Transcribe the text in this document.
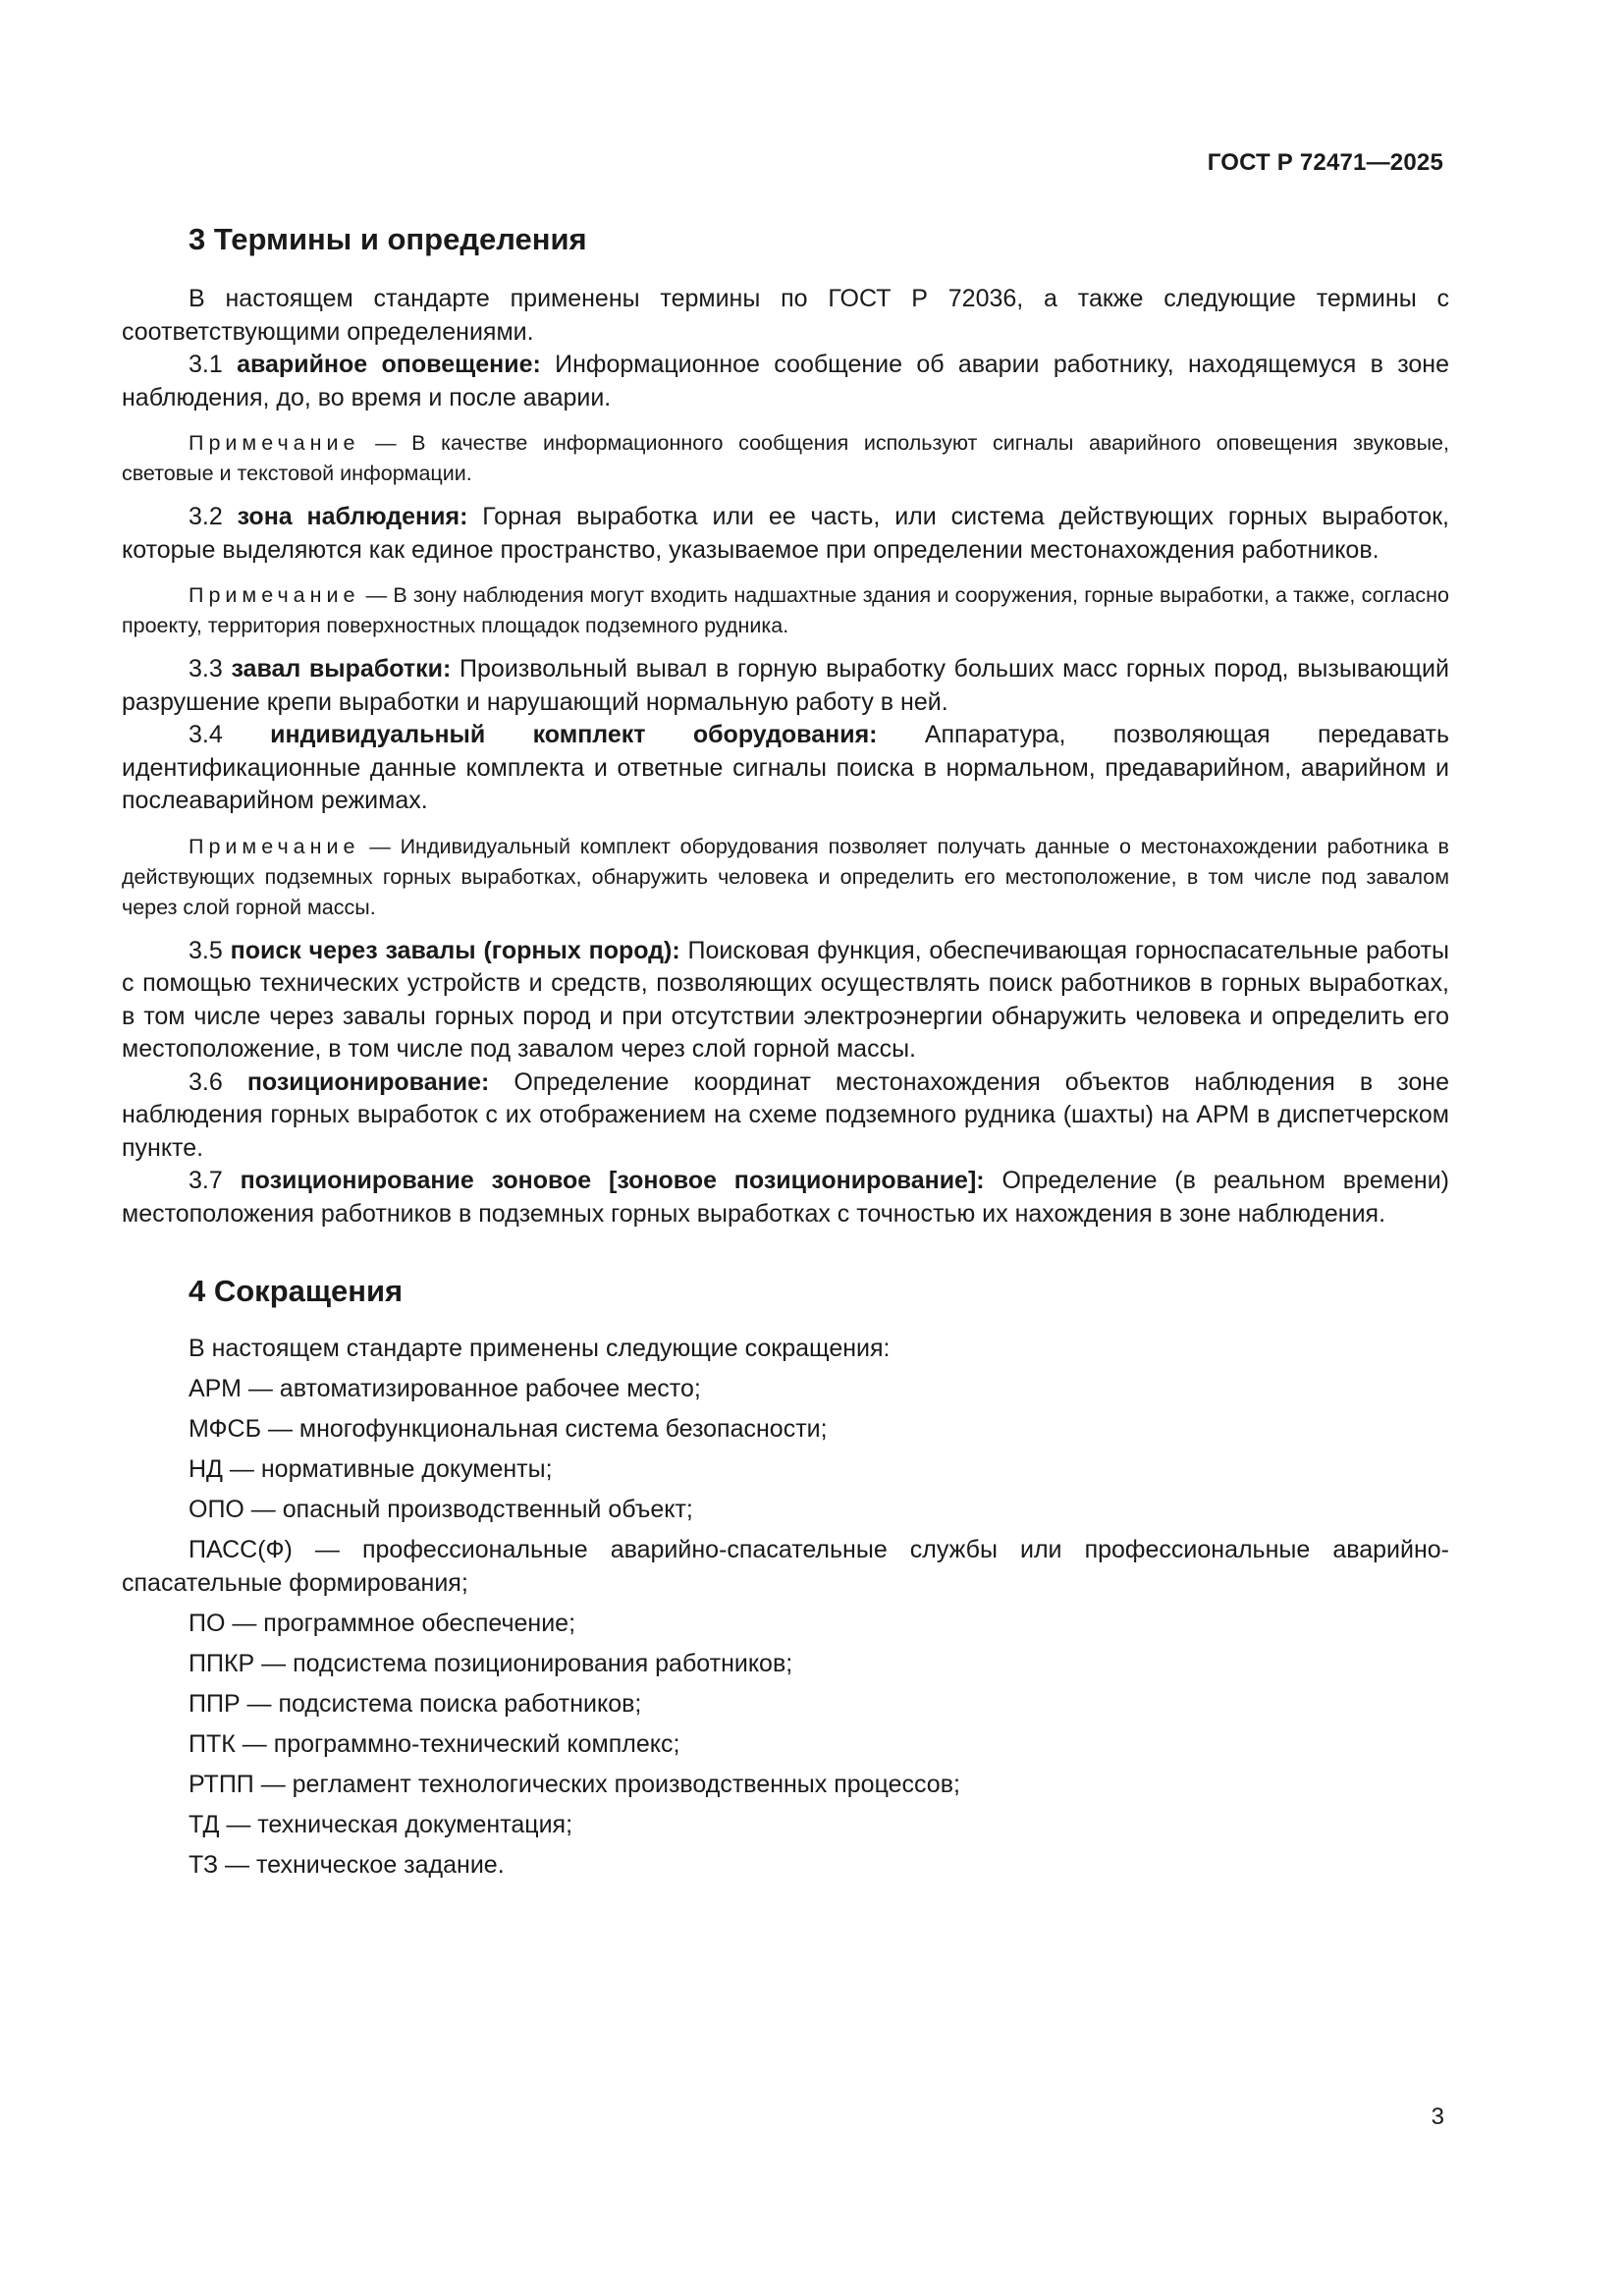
ГОСТ Р 72471—2025
3 Термины и определения

В настоящем стандарте применены термины по ГОСТ Р 72036, а также следующие термины с соответствующими определениями.

3.1 аварийное оповещение: Информационное сообщение об аварии работнику, находящемуся в зоне наблюдения, до, во время и после аварии.

Примечание — В качестве информационного сообщения используют сигналы аварийного оповещения звуковые, световые и текстовой информации.

3.2 зона наблюдения: Горная выработка или ее часть, или система действующих горных выработок, которые выделяются как единое пространство, указываемое при определении местонахождения работников.

Примечание — В зону наблюдения могут входить надшахтные здания и сооружения, горные выработки, а также, согласно проекту, территория поверхностных площадок подземного рудника.

3.3 завал выработки: Произвольный вывал в горную выработку больших масс горных пород, вызывающий разрушение крепи выработки и нарушающий нормальную работу в ней.

3.4 индивидуальный комплект оборудования: Аппаратура, позволяющая передавать идентификационные данные комплекта и ответные сигналы поиска в нормальном, предаварийном, аварийном и послеаварийном режимах.

Примечание — Индивидуальный комплект оборудования позволяет получать данные о местонахождении работника в действующих подземных горных выработках, обнаружить человека и определить его местоположение, в том числе под завалом через слой горной массы.

3.5 поиск через завалы (горных пород): Поисковая функция, обеспечивающая горноспасательные работы с помощью технических устройств и средств, позволяющих осуществлять поиск работников в горных выработках, в том числе через завалы горных пород и при отсутствии электроэнергии обнаружить человека и определить его местоположение, в том числе под завалом через слой горной массы.

3.6 позиционирование: Определение координат местонахождения объектов наблюдения в зоне наблюдения горных выработок с их отображением на схеме подземного рудника (шахты) на АРМ в диспетчерском пункте.

3.7 позиционирование зоновое [зоновое позиционирование]: Определение (в реальном времени) местоположения работников в подземных горных выработках с точностью их нахождения в зоне наблюдения.

4 Сокращения

В настоящем стандарте применены следующие сокращения:

АРМ — автоматизированное рабочее место;

МФСБ — многофункциональная система безопасности;

НД — нормативные документы;

ОПО — опасный производственный объект;

ПАСС(Ф) — профессиональные аварийно-спасательные службы или профессиональные аварийно-спасательные формирования;

ПО — программное обеспечение;

ППКР — подсистема позиционирования работников;

ППР — подсистема поиска работников;

ПТК — программно-технический комплекс;

РТПП — регламент технологических производственных процессов;

ТД — техническая документация;

ТЗ — техническое задание.

3
